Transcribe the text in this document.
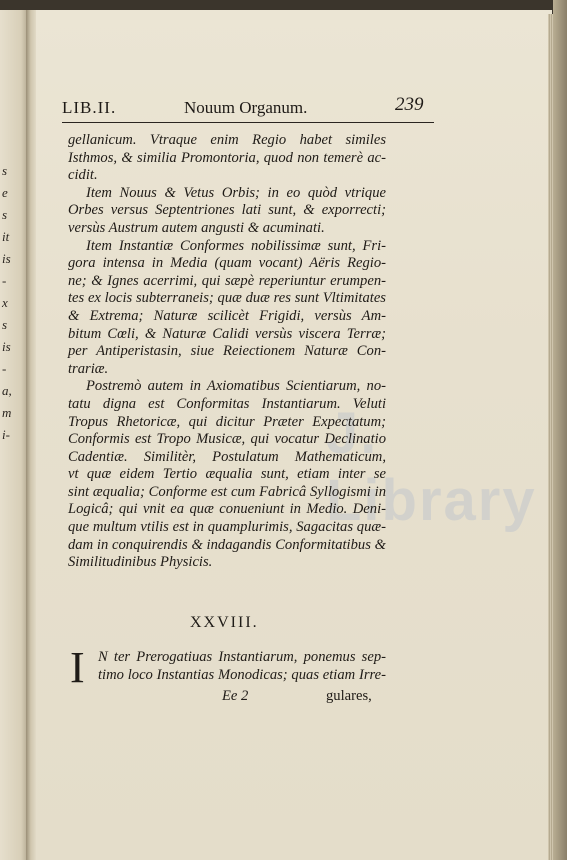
s
e
s
it
is
-
x
s
is
-
a,
m
i-
LIB.II.	Nouum Organum.	239
J. Library

gellanicum. Vtraque enim Regio habet similes
Isthmos, & similia Promontoria, quod non temerè ac-
cidit.

Item Nouus & Vetus Orbis; in eo quòd vtrique
Orbes versus Septentriones lati sunt, & exporrecti;
versùs Austrum autem angusti & acuminati.

Item Instantiæ Conformes nobilissimæ sunt, Fri-
gora intensa in Media (quam vocant) Aëris Regio-
ne; & Ignes acerrimi, qui sæpè reperiuntur erumpen-
tes ex locis subterraneis; quæ duæ res sunt Vltimitates
& Extrema; Naturæ scilicèt Frigidi, versùs Am-
bitum Cœli, & Naturæ Calidi versùs viscera Terræ;
per Antiperistasin, siue Reiectionem Naturæ Con-
trariæ.

Postremò autem in Axiomatibus Scientiarum, no-
tatu digna est Conformitas Instantiarum. Veluti
Tropus Rhetoricæ, qui dicitur Præter Expectatum;
Conformis est Tropo Musicæ, qui vocatur Declinatio
Cadentiæ. Similitèr, Postulatum Mathematicum,
vt quæ eidem Tertio æqualia sunt, etiam inter se
sint æqualia; Conforme est cum Fabricâ Syllogismi in
Logicâ; qui vnit ea quæ conueniunt in Medio. Deni-
que multum vtilis est in quamplurimis, Sagacitas quæ-
dam in conquirendis & indagandis Conformitatibus &
Similitudinibus Physicis.

XXVIII.
I N ter Prerogatiuas Instantiarum, ponemus sep-
timo loco Instantias Monodicas; quas etiam Irre-
Ee 2	gulares,
